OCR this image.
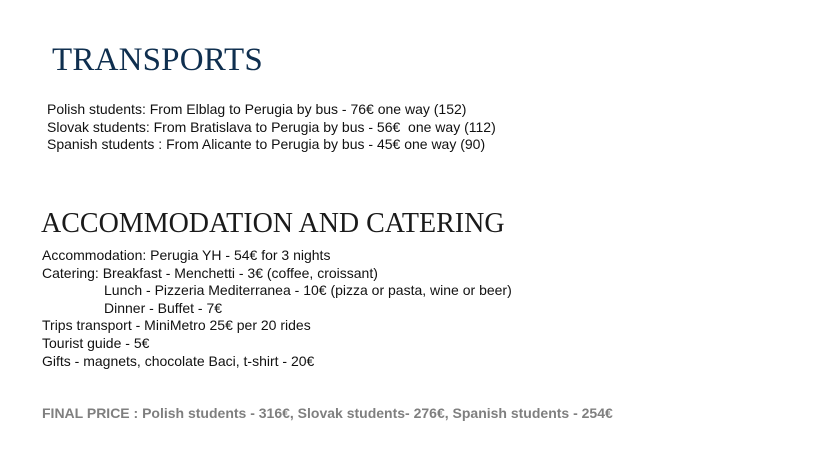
TRANSPORTS
Polish students: From Elblag to Perugia by bus - 76€ one way (152)
Slovak students: From Bratislava to Perugia by bus - 56€  one way (112)
Spanish students : From Alicante to Perugia by bus - 45€ one way (90)
ACCOMMODATION AND CATERING
Accommodation: Perugia YH - 54€ for 3 nights
Catering: Breakfast - Menchetti - 3€ (coffee, croissant)
Lunch - Pizzeria Mediterranea - 10€ (pizza or pasta, wine or beer)
Dinner - Buffet - 7€
Trips transport - MiniMetro 25€ per 20 rides
Tourist guide - 5€
Gifts - magnets, chocolate Baci, t-shirt - 20€
FINAL PRICE : Polish students - 316€, Slovak students- 276€, Spanish students - 254€
